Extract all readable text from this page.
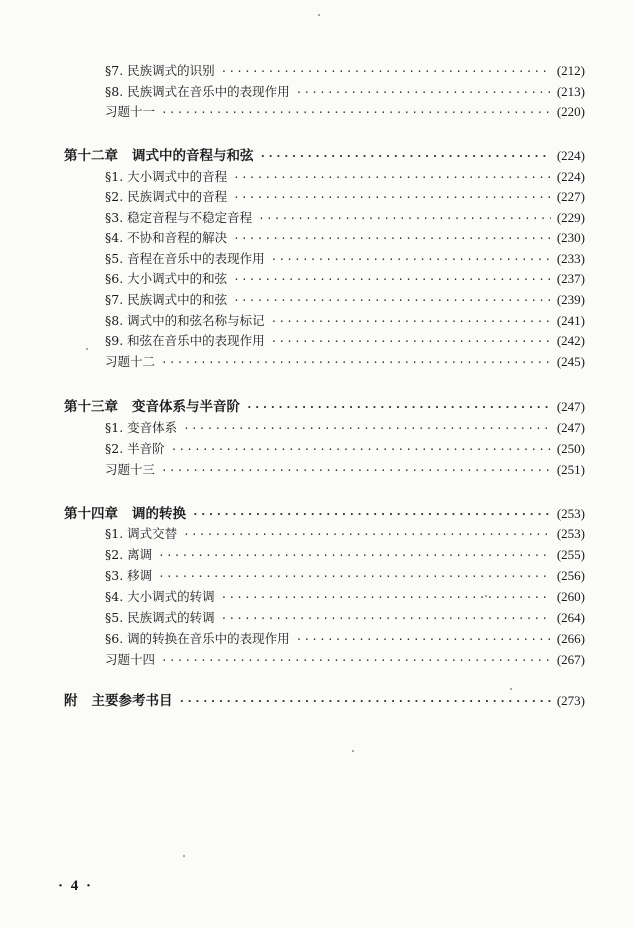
§7. 民族调式的识别 ·····	(212)
§8. 民族调式在音乐中的表现作用 ·····	(213)
习题十一 ·····	(220)
第十二章 调式中的音程与和弦 ·····	(224)
§1. 大小调式中的音程 ·····	(224)
§2. 民族调式中的音程 ·····	(227)
§3. 稳定音程与不稳定音程 ·····	(229)
§4. 不协和音程的解决 ·····	(230)
§5. 音程在音乐中的表现作用 ·····	(233)
§6. 大小调式中的和弦 ·····	(237)
§7. 民族调式中的和弦 ·····	(239)
§8. 调式中的和弦名称与标记 ·····	(241)
§9. 和弦在音乐中的表现作用 ·····	(242)
习题十二 ·····	(245)
第十三章 变音体系与半音阶 ·····	(247)
§1. 变音体系 ·····	(247)
§2. 半音阶 ·····	(250)
习题十三 ·····	(251)
第十四章 调的转换 ·····	(253)
§1. 调式交替 ·····	(253)
§2. 离调 ·····	(255)
§3. 移调 ·····	(256)
§4. 大小调式的转调 ·····	(260)
§5. 民族调式的转调 ·····	(264)
§6. 调的转换在音乐中的表现作用 ·····	(266)
习题十四 ·····	(267)
附 主要参考书目 ·····	(273)
· 4 ·
